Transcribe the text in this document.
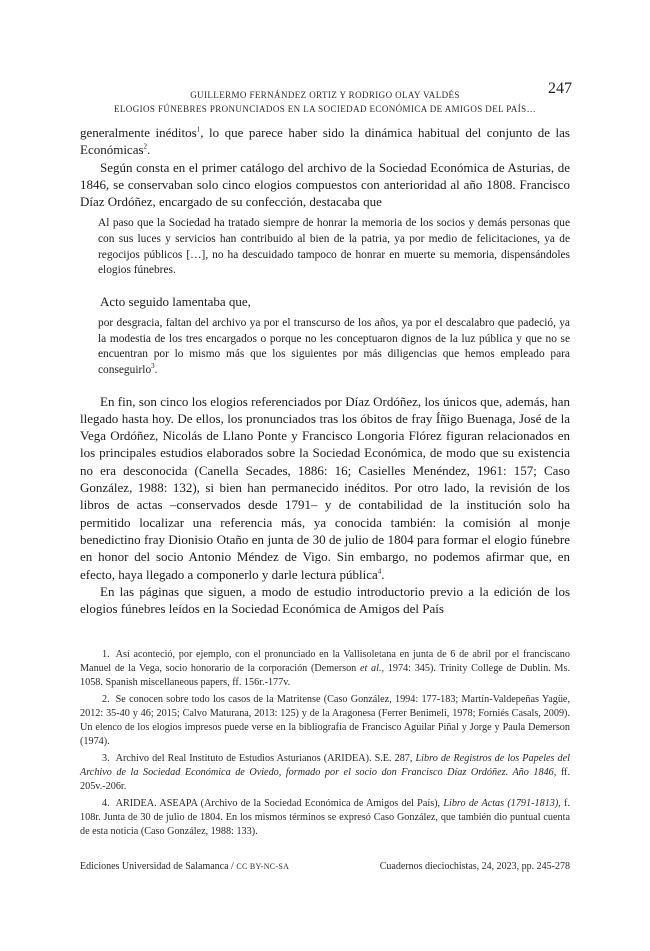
GUILLERMO FERNÁNDEZ ORTIZ Y RODRIGO OLAY VALDÉS
ELOGIOS FÚNEBRES PRONUNCIADOS EN LA SOCIEDAD ECONÓMICA DE AMIGOS DEL PAÍS…
247

generalmente inéditos$^1$, lo que parece haber sido la dinámica habitual del conjunto de las Económicas$^2$.

Según consta en el primer catálogo del archivo de la Sociedad Económica de Asturias, de 1846, se conservaban solo cinco elogios compuestos con anterioridad al año 1808. Francisco Díaz Ordóñez, encargado de su confección, destacaba que

Al paso que la Sociedad ha tratado siempre de honrar la memoria de los socios y demás personas que con sus luces y servicios han contribuido al bien de la patria, ya por medio de felicitaciones, ya de regocijos públicos […], no ha descuidado tampoco de honrar en muerte su memoria, dispensándoles elogios fúnebres.

Acto seguido lamentaba que,

por desgracia, faltan del archivo ya por el transcurso de los años, ya por el descalabro que padeció, ya la modestia de los tres encargados o porque no les conceptuaron dignos de la luz pública y que no se encuentran por lo mismo más que los siguientes por más diligencias que hemos empleado para conseguirlo$^3$.

En fin, son cinco los elogios referenciados por Díaz Ordóñez, los únicos que, además, han llegado hasta hoy. De ellos, los pronunciados tras los óbitos de fray Íñigo Buenaga, José de la Vega Ordóñez, Nicolás de Llano Ponte y Francisco Longoria Flórez figuran relacionados en los principales estudios elaborados sobre la Sociedad Económica, de modo que su existencia no era desconocida (Canella Secades, 1886: 16; Casielles Menéndez, 1961: 157; Caso González, 1988: 132), si bien han permanecido inéditos. Por otro lado, la revisión de los libros de actas –conservados desde 1791– y de contabilidad de la institución solo ha permitido localizar una referencia más, ya conocida también: la comisión al monje benedictino fray Dionisio Otaño en junta de 30 de julio de 1804 para formar el elogio fúnebre en honor del socio Antonio Méndez de Vigo. Sin embargo, no podemos afirmar que, en efecto, haya llegado a componerlo y darle lectura pública$^4$.

En las páginas que siguen, a modo de estudio introductorio previo a la edición de los elogios fúnebres leídos en la Sociedad Económica de Amigos del País

1. Así aconteció, por ejemplo, con el pronunciado en la Vallisoletana en junta de 6 de abril por el franciscano Manuel de la Vega, socio honorario de la corporación (Demerson et al., 1974: 345). Trinity College de Dublin. Ms. 1058. Spanish miscellaneous papers, ff. 156r.-177v.

2. Se conocen sobre todo los casos de la Matritense (Caso González, 1994: 177-183; Martín-Valdepeñas Yagüe, 2012: 35-40 y 46; 2015; Calvo Maturana, 2013: 125) y de la Aragonesa (Ferrer Benimeli, 1978; Forniés Casals, 2009). Un elenco de los elogios impresos puede verse en la bibliografía de Francisco Aguilar Piñal y Jorge y Paula Demerson (1974).

3. Archivo del Real Instituto de Estudios Asturianos (ARIDEA). S.E. 287, Libro de Registros de los Papeles del Archivo de la Sociedad Económica de Oviedo, formado por el socio don Francisco Díaz Ordóñez. Año 1846, ff. 205v.-206r.

4. ARIDEA. ASEAPA (Archivo de la Sociedad Económica de Amigos del País), Libro de Actas (1791-1813), f. 108r. Junta de 30 de julio de 1804. En los mismos términos se expresó Caso González, que también dio puntual cuenta de esta noticia (Caso González, 1988: 133).

Ediciones Universidad de Salamanca / CC BY-NC-SA	Cuadernos dieciochistas, 24, 2023, pp. 245-278
